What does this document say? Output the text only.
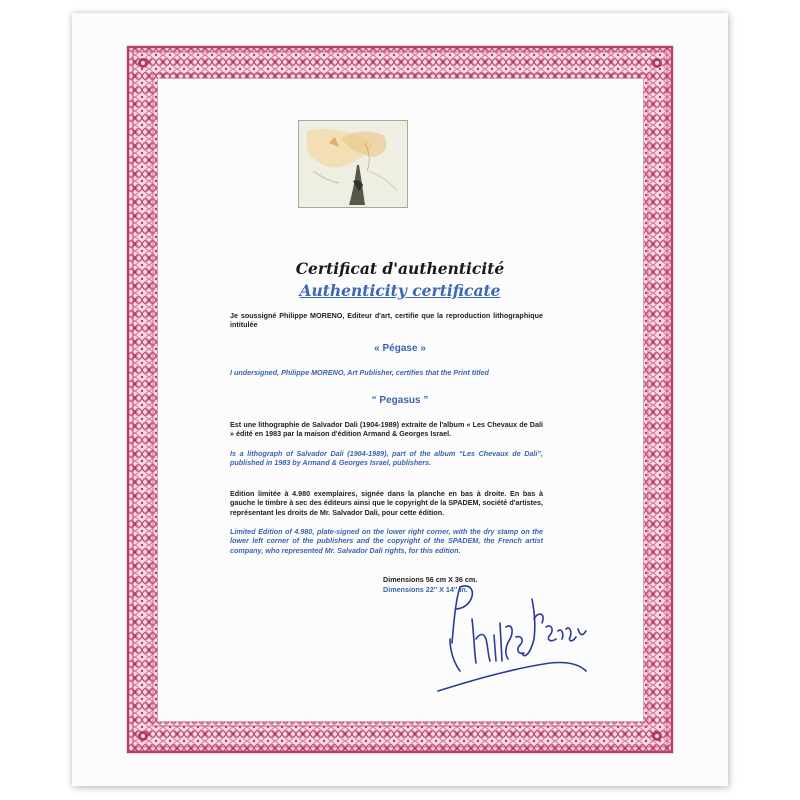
Certificat d'authenticité
Authenticity certificate

Je soussigné Philippe MORENO, Editeur d'art, certifie que la reproduction lithographique intitulée

« Pégase »

I undersigned, Philippe MORENO, Art Publisher, certifies that the Print titled

“ Pegasus ”

Est une lithographie de Salvador Dali (1904-1989) extraite de l'album « Les Chevaux de Dali » édité en 1983 par la maison d'édition Armand & Georges Israel.

Is a lithograph of Salvador Dali (1904-1989), part of the album “Les Chevaux de Dali”, published in 1983 by Armand & Georges Israel, publishers.

Edition limitée à 4.980 exemplaires, signée dans la planche en bas à droite. En bas à gauche le timbre à sec des éditeurs ainsi que le copyright de la SPADEM, société d'artistes, représentant les droits de Mr. Salvador Dali, pour cette édition.

Limited Edition of 4.980, plate-signed on the lower right corner, with the dry stamp on the lower left corner of the publishers and the copyright of the SPADEM, the French artist company, who represented Mr. Salvador Dali rights, for this edition.

Dimensions 56 cm X 36 cm.

Dimensions 22'' X 14'' in.
